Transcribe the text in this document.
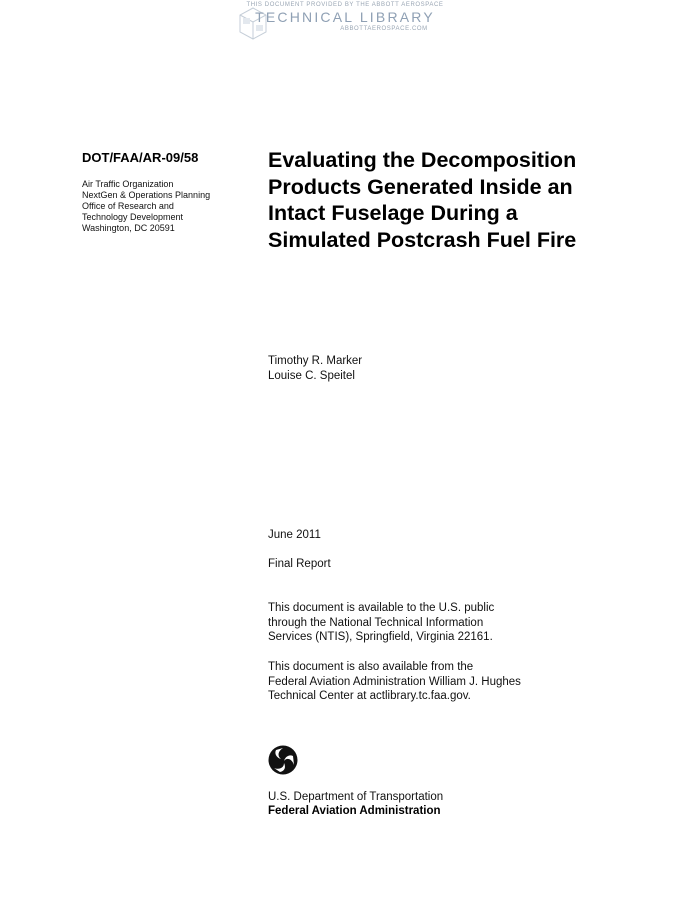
THIS DOCUMENT PROVIDED BY THE ABBOTT AEROSPACE
TECHNICAL LIBRARY
ABBOTTAEROSPACE.COM
DOT/FAA/AR-09/58
Air Traffic Organization
NextGen & Operations Planning
Office of Research and
Technology Development
Washington, DC 20591
Evaluating the Decomposition
Products Generated Inside an
Intact Fuselage During a
Simulated Postcrash Fuel Fire
Timothy R. Marker
Louise C. Speitel
June 2011
Final Report
This document is available to the U.S. public
through the National Technical Information
Services (NTIS), Springfield, Virginia 22161.
This document is also available from the
Federal Aviation Administration William J. Hughes
Technical Center at actlibrary.tc.faa.gov.
U.S. Department of Transportation
Federal Aviation Administration
